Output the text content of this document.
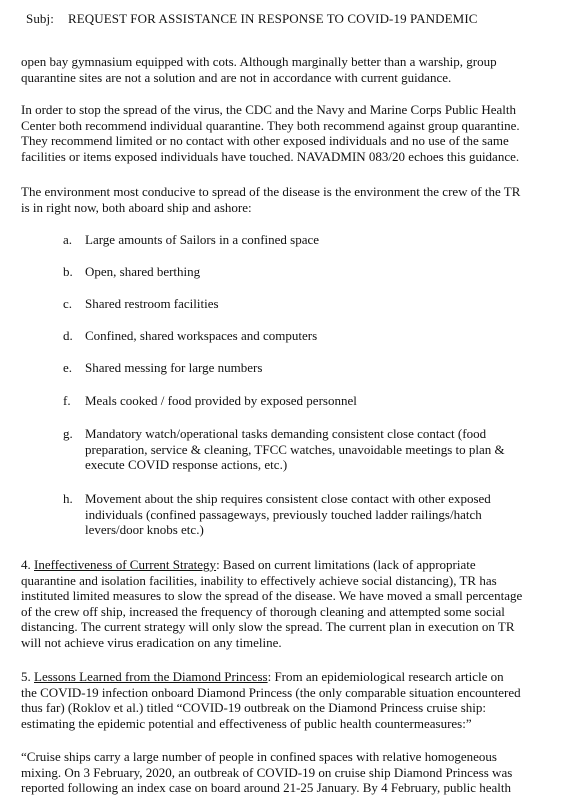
Subj: REQUEST FOR ASSISTANCE IN RESPONSE TO COVID-19 PANDEMIC
open bay gymnasium equipped with cots. Although marginally better than a warship, group
quarantine sites are not a solution and are not in accordance with current guidance.
In order to stop the spread of the virus, the CDC and the Navy and Marine Corps Public Health
Center both recommend individual quarantine. They both recommend against group quarantine.
They recommend limited or no contact with other exposed individuals and no use of the same
facilities or items exposed individuals have touched. NAVADMIN 083/20 echoes this guidance.
The environment most conducive to spread of the disease is the environment the crew of the TR
is in right now, both aboard ship and ashore:
a. Large amounts of Sailors in a confined space
b. Open, shared berthing
c. Shared restroom facilities
d. Confined, shared workspaces and computers
e. Shared messing for large numbers
f.	Meals cooked / food provided by exposed personnel
g. Mandatory watch/operational tasks demanding consistent close contact (food
preparation, service & cleaning, TFCC watches, unavoidable meetings to plan &
execute COVID response actions, etc.)
h. Movement about the ship requires consistent close contact with other exposed
individuals (confined passageways, previously touched ladder railings/hatch
levers/door knobs etc.)
4. Ineffectiveness of Current Strategy: Based on current limitations (lack of appropriate
quarantine and isolation facilities, inability to effectively achieve social distancing), TR has
instituted limited measures to slow the spread of the disease. We have moved a small percentage
of the crew off ship, increased the frequency of thorough cleaning and attempted some social
distancing. The current strategy will only slow the spread. The current plan in execution on TR
will not achieve virus eradication on any timeline.
5. Lessons Learned from the Diamond Princess: From an epidemiological research article on
the COVID-19 infection onboard Diamond Princess (the only comparable situation encountered
thus far) (Roklov et al.) titled “COVID-19 outbreak on the Diamond Princess cruise ship:
estimating the epidemic potential and effectiveness of public health countermeasures:”
“Cruise ships carry a large number of people in confined spaces with relative homogeneous
mixing. On 3 February, 2020, an outbreak of COVID-19 on cruise ship Diamond Princess was
reported following an index case on board around 21-25 January. By 4 February, public health
